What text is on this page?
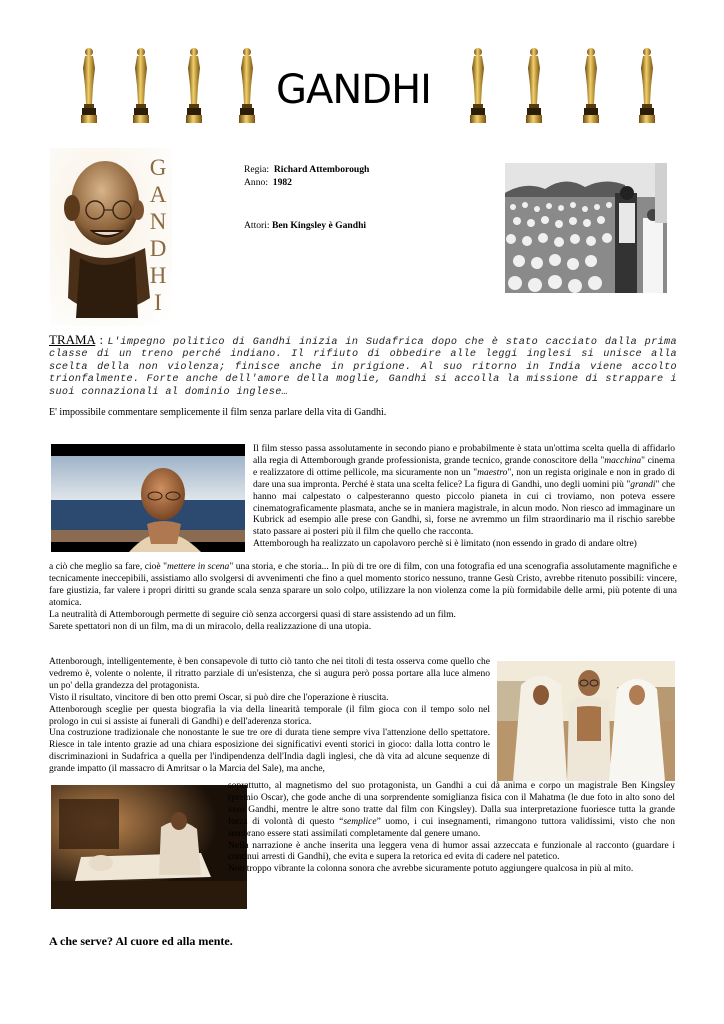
GANDHI
G
A
N
D
H
I
Regia: Richard Attemborough
Anno: 1982
Attori: Ben Kingsley è Gandhi
TRAMA : L'impegno politico di Gandhi inizia in Sudafrica dopo che è stato cacciato dalla prima classe di un treno perché indiano. Il rifiuto di obbedire alle leggi inglesi si unisce alla scelta della non violenza; finisce anche in prigione. Al suo ritorno in India viene accolto trionfalmente. Forte anche dell'amore della moglie, Gandhi si accolla la missione di strappare i suoi connazionali al dominio inglese…
E' impossibile commentare semplicemente il film senza parlare della vita di Gandhi.

Il film stesso passa assolutamente in secondo piano e probabilmente è stata un'ottima scelta quella di affidarlo alla regia di Attemborough grande professionista, grande tecnico, grande conoscitore della "macchina" cinema e realizzatore di ottime pellicole, ma sicuramente non un "maestro", non un regista originale e non in grado di dare una sua impronta. Perché è stata una scelta felice? La figura di Gandhi, uno degli uomini più "grandi" che hanno mai calpestato o calpesteranno questo piccolo pianeta in cui ci troviamo, non poteva essere cinematograficamente plasmata, anche se in maniera magistrale, in alcun modo. Non riesco ad immaginare un Kubrick ad esempio alle prese con Gandhi, sì, forse ne avremmo un film straordinario ma il rischio sarebbe stato passare ai posteri più il film che quello che racconta.

Attemborough ha realizzato un capolavoro perchè si è limitato (non essendo in grado di andare oltre)

a ciò che meglio sa fare, cioè "mettere in scena" una storia, e che storia... In più di tre ore di film, con una fotografia ed una scenografia assolutamente magnifiche e tecnicamente ineccepibili, assistiamo allo svolgersi di avvenimenti che fino a quel momento storico nessuno, tranne Gesù Cristo, avrebbe ritenuto possibili: vincere, fare giustizia, far valere i propri diritti su grande scala senza sparare un solo colpo, utilizzare la non violenza come la più formidabile delle armi, più potente di una atomica.

La neutralità di Attemborough permette di seguire ciò senza accorgersi quasi di stare assistendo ad un film.

Sarete spettatori non di un film, ma di un miracolo, della realizzazione di una utopia.

Attenborough, intelligentemente, è ben consapevole di tutto ciò tanto che nei titoli di testa osserva come quello che vedremo è, volente o nolente, il ritratto parziale di un'esistenza, che si augura però possa portare alla luce almeno un po' della grandezza del protagonista.

Visto il risultato, vincitore di ben otto premi Oscar, si può dire che l'operazione è riuscita.

Attenborough sceglie per questa biografia la via della linearità temporale (il film gioca con il tempo solo nel prologo in cui si assiste ai funerali di Gandhi) e dell'aderenza storica.

Una costruzione tradizionale che nonostante le sue tre ore di durata tiene sempre viva l'attenzione dello spettatore. Riesce in tale intento grazie ad una chiara esposizione dei significativi eventi storici in gioco: dalla lotta contro le discriminazioni in Sudafrica a quella per l'indipendenza dell'India dagli inglesi, che dà vita ad alcune sequenze di grande impatto (il massacro di Amritsar o la Marcia del Sale), ma anche,

soprattutto, al magnetismo del suo protagonista, un Gandhi a cui dà anima e corpo un magistrale Ben Kingsley (premio Oscar), che gode anche di una sorprendente somiglianza fisica con il Mahatma (le due foto in alto sono del vero Gandhi, mentre le altre sono tratte dal film con Kingsley). Dalla sua interpretazione fuoriesce tutta la grande forza di volontà di questo “semplice” uomo, i cui insegnamenti, rimangono tuttora validissimi, visto che non sembrano essere stati assimilati completamente dal genere umano.

Nella narrazione è anche inserita una leggera vena di humor assai azzeccata e funzionale al racconto (guardare i continui arresti di Gandhi), che evita e supera la retorica ed evita di cadere nel patetico.

Non troppo vibrante la colonna sonora che avrebbe sicuramente potuto aggiungere qualcosa in più al mito.

A che serve? Al cuore ed alla mente.
